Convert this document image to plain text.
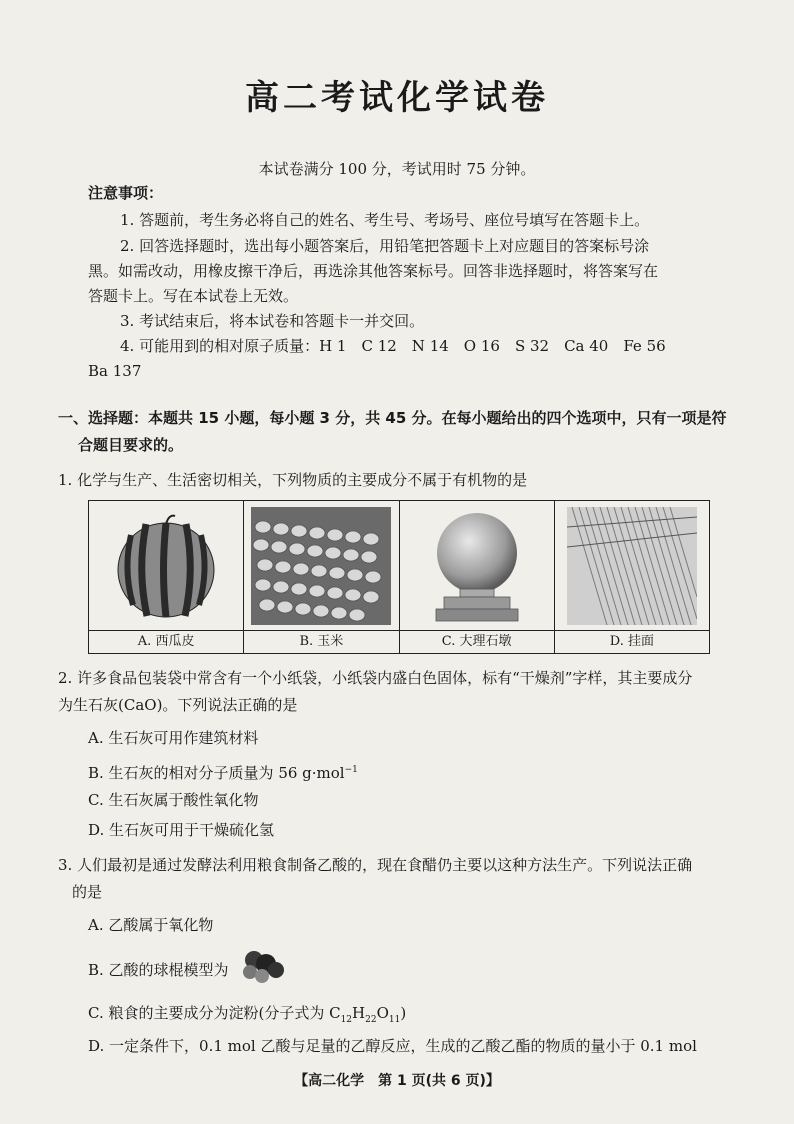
高二考试化学试卷
本试卷满分 100 分，考试用时 75 分钟。
注意事项：
1. 答题前，考生务必将自己的姓名、考生号、考场号、座位号填写在答题卡上。
2. 回答选择题时，选出每小题答案后，用铅笔把答题卡上对应题目的答案标号涂
黑。如需改动，用橡皮擦干净后，再选涂其他答案标号。回答非选择题时，将答案写在
答题卡上。写在本试卷上无效。
3. 考试结束后，将本试卷和答题卡一并交回。
4. 可能用到的相对原子质量：H 1　C 12　N 14　O 16　S 32　Ca 40　Fe 56
Ba 137
一、选择题：本题共 15 小题，每小题 3 分，共 45 分。在每小题给出的四个选项中，只有一项是符
合题目要求的。
1. 化学与生产、生活密切相关，下列物质的主要成分不属于有机物的是
A. 西瓜皮	B. 玉米	C. 大理石墩	D. 挂面
2. 许多食品包装袋中常含有一个小纸袋，小纸袋内盛白色固体，标有“干燥剂”字样，其主要成分
为生石灰(CaO)。下列说法正确的是
A. 生石灰可用作建筑材料
B. 生石灰的相对分子质量为 56 g·mol$^{-1}$
C. 生石灰属于酸性氧化物
D. 生石灰可用于干燥硫化氢
3. 人们最初是通过发酵法利用粮食制备乙酸的，现在食醋仍主要以这种方法生产。下列说法正确
的是
A. 乙酸属于氧化物
B. 乙酸的球棍模型为
C. 粮食的主要成分为淀粉(分子式为 $C_{12}H_{22}O_{11}$)
D. 一定条件下，0.1 mol 乙酸与足量的乙醇反应，生成的乙酸乙酯的物质的量小于 0.1 mol
【高二化学　第 1 页(共 6 页)】
